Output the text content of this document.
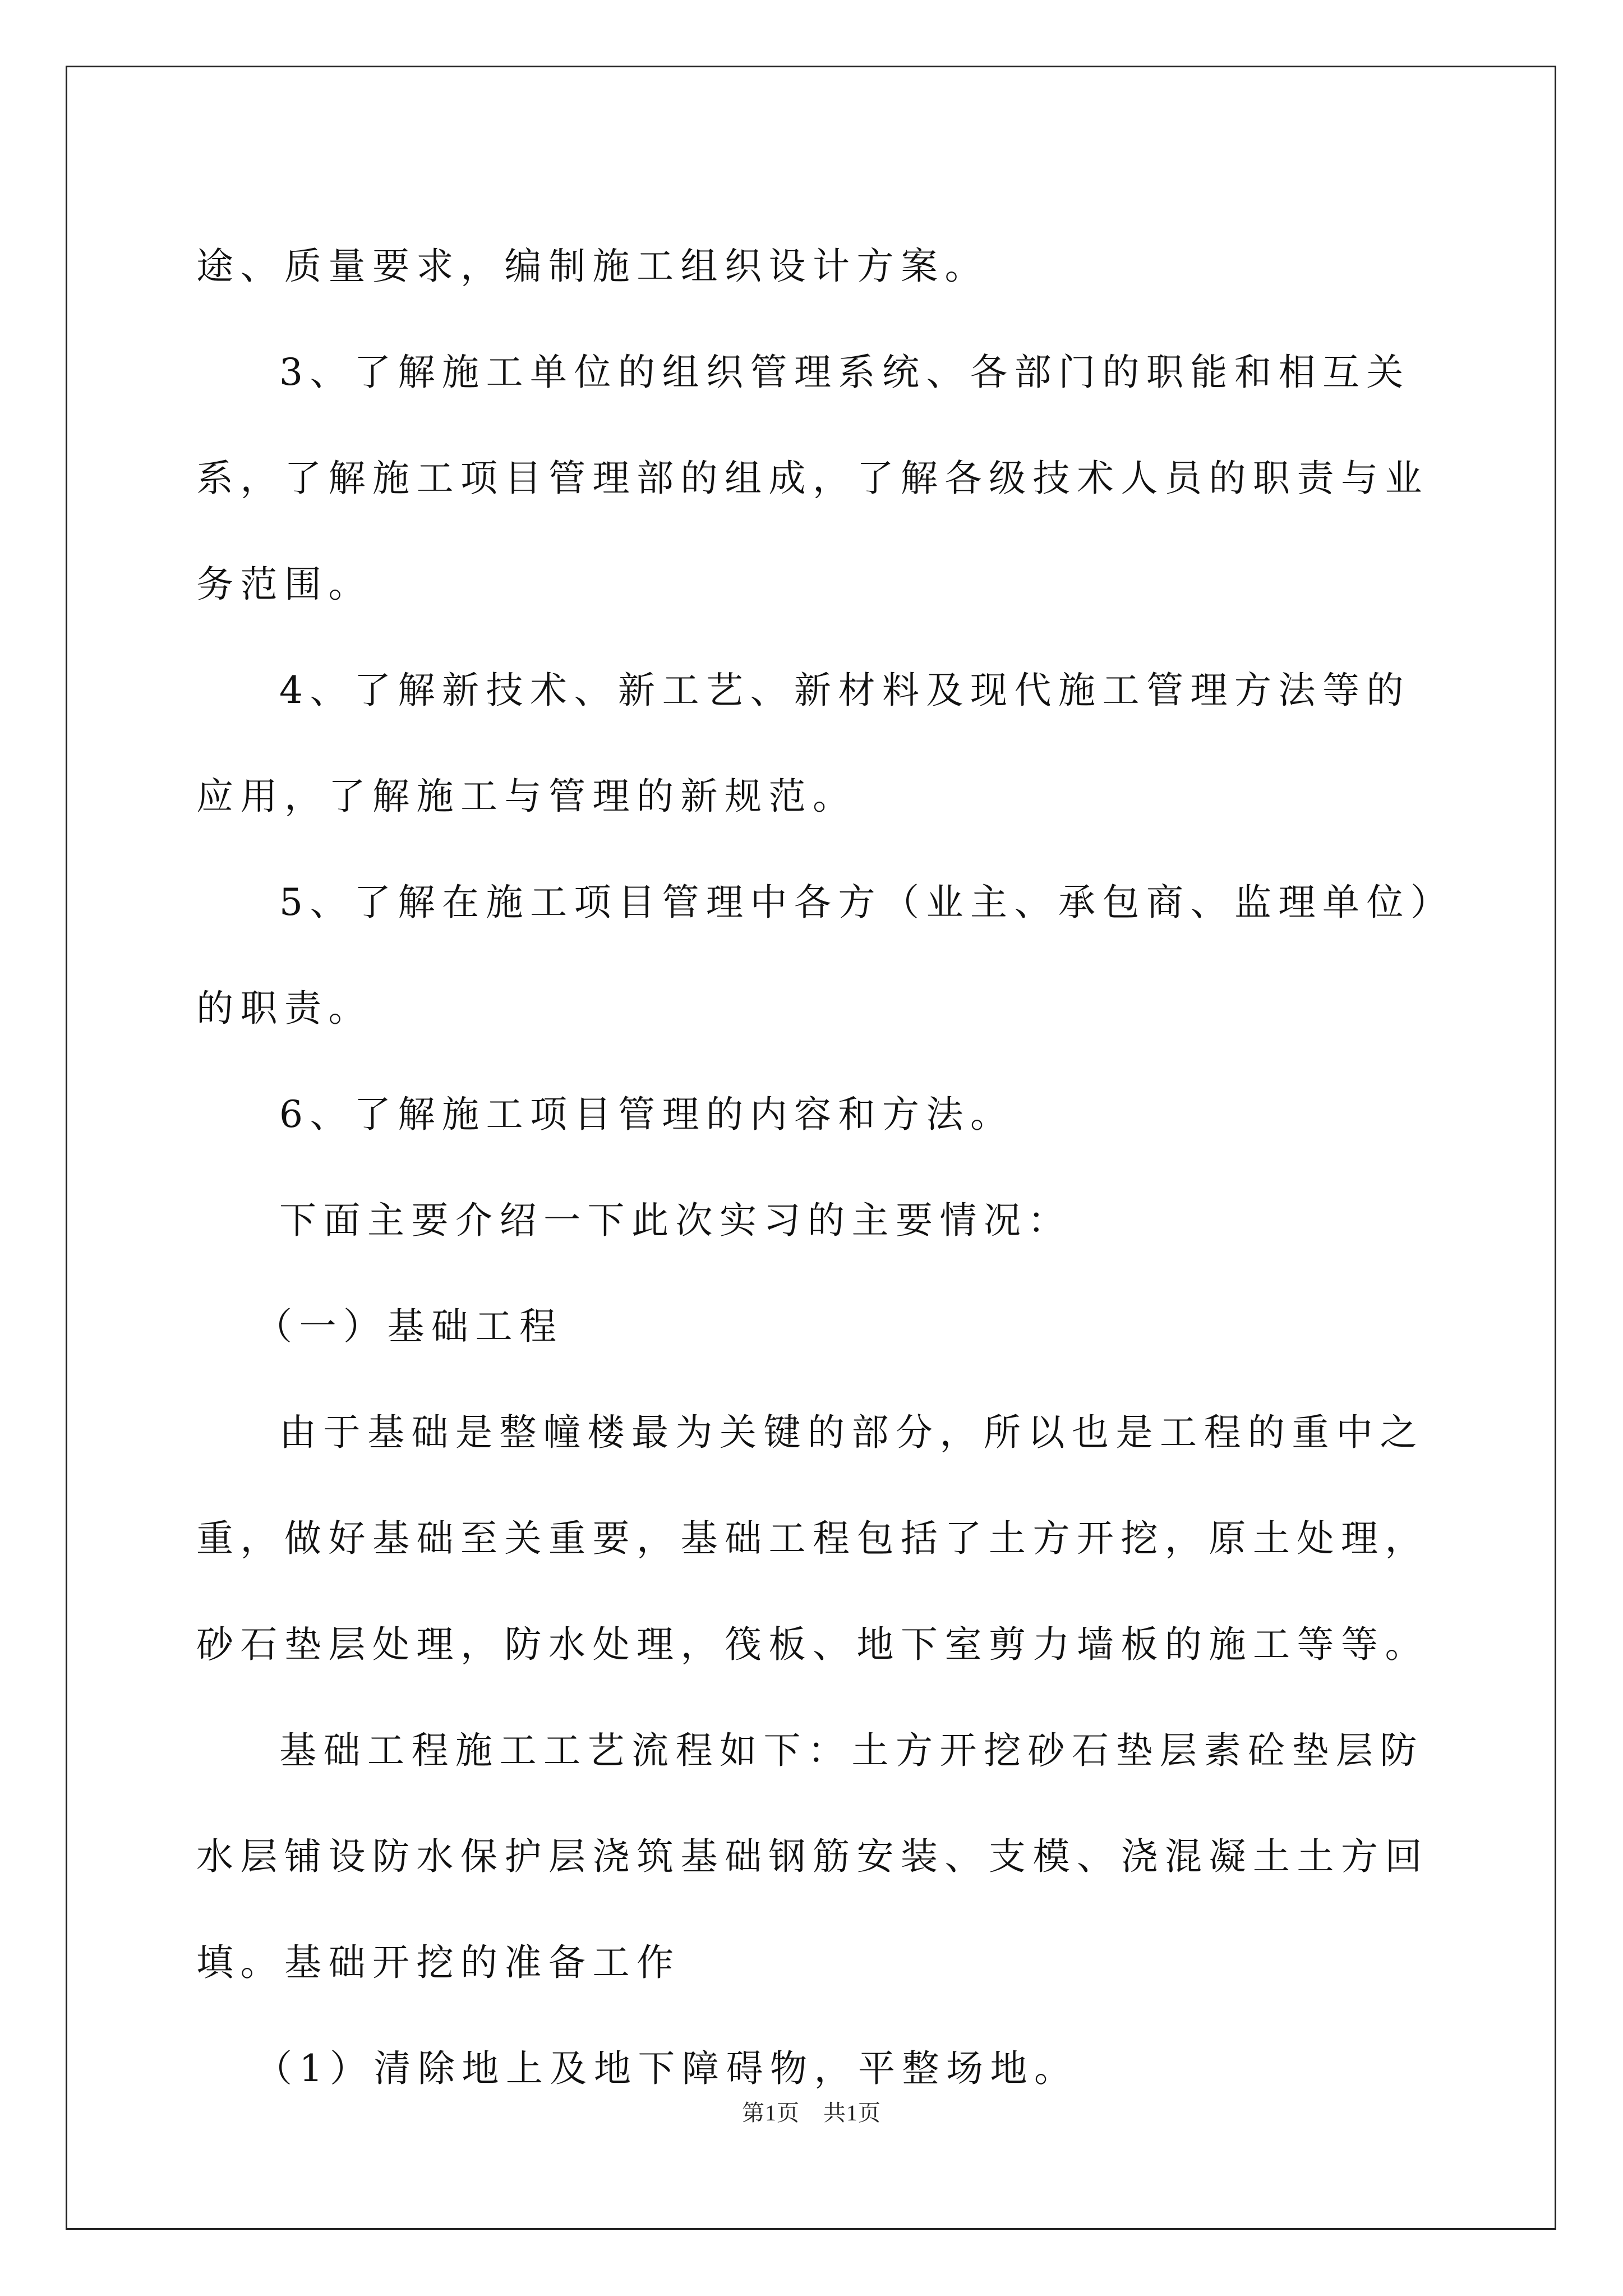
途、质量要求，编制施工组织设计方案。

3、了解施工单位的组织管理系统、各部门的职能和相互关系，了解施工项目管理部的组成，了解各级技术人员的职责与业务范围。

4、了解新技术、新工艺、新材料及现代施工管理方法等的应用，了解施工与管理的新规范。

5、了解在施工项目管理中各方（业主、承包商、监理单位）的职责。

6、了解施工项目管理的内容和方法。

下面主要介绍一下此次实习的主要情况：

（一）基础工程

由于基础是整幢楼最为关键的部分，所以也是工程的重中之重，做好基础至关重要，基础工程包括了土方开挖，原土处理，砂石垫层处理，防水处理，筏板、地下室剪力墙板的施工等等。

基础工程施工工艺流程如下：土方开挖砂石垫层素砼垫层防水层铺设防水保护层浇筑基础钢筋安装、支模、浇混凝土土方回填。基础开挖的准备工作

（1）清除地上及地下障碍物，平整场地。

第1页 共1页
